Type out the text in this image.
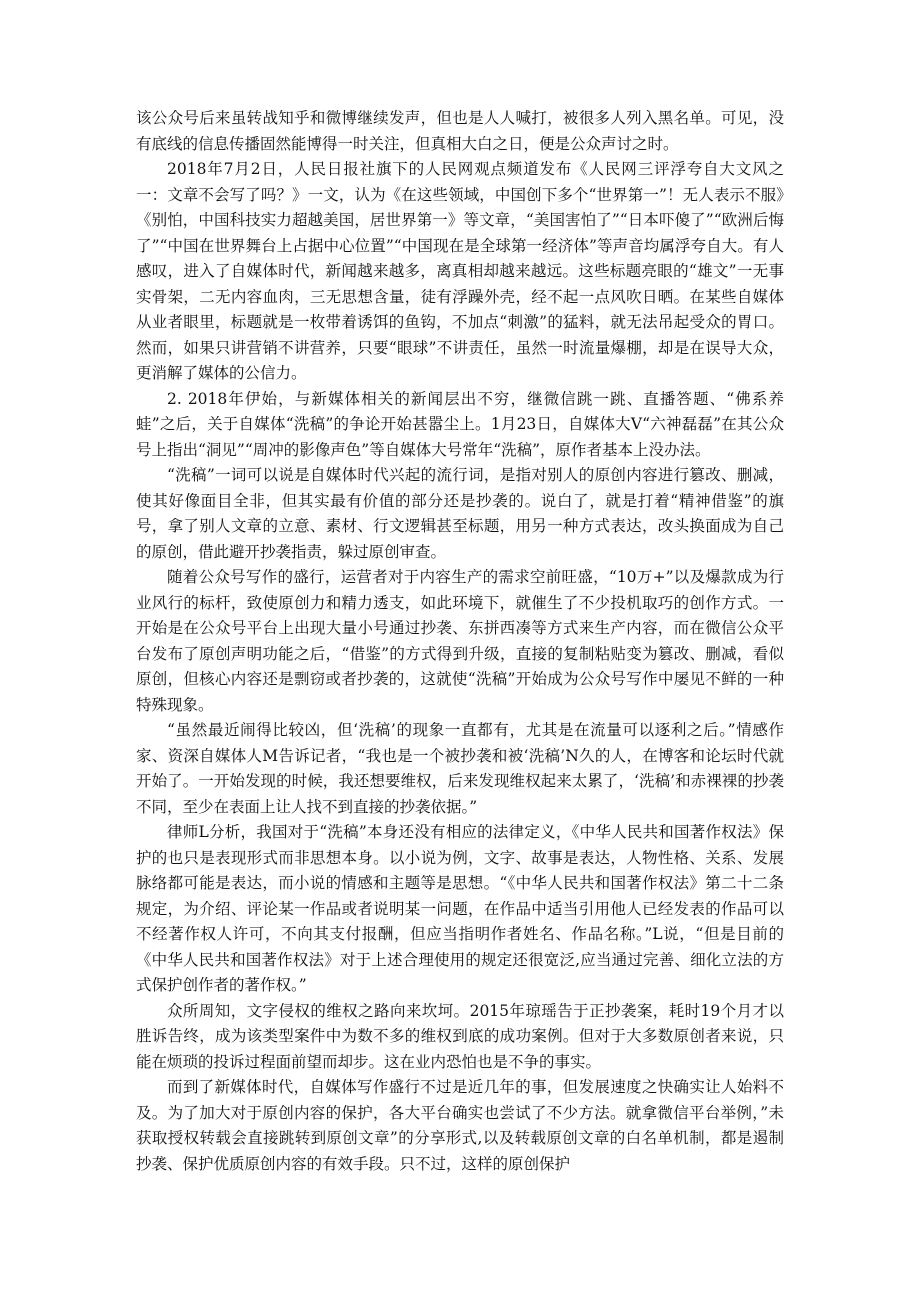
该公众号后来虽转战知乎和微博继续发声，但也是人人喊打，被很多人列入黑名单。可见，没有底线的信息传播固然能博得一时关注，但真相大白之日，便是公众声讨之时。

2018年7月2日，人民日报社旗下的人民网观点频道发布《人民网三评浮夸自大文风之一：文章不会写了吗？》一文，认为《在这些领域，中国创下多个“世界第一”！无人表示不服》《别怕，中国科技实力超越美国，居世界第一》等文章，“美国害怕了”“日本吓傻了”“欧洲后悔了”“中国在世界舞台上占据中心位置”“中国现在是全球第一经济体”等声音均属浮夸自大。有人感叹，进入了自媒体时代，新闻越来越多，离真相却越来越远。这些标题亮眼的“雄文”一无事实骨架，二无内容血肉，三无思想含量，徒有浮躁外壳，经不起一点风吹日晒。在某些自媒体从业者眼里，标题就是一枚带着诱饵的鱼钩，不加点“刺激”的猛料，就无法吊起受众的胃口。然而，如果只讲营销不讲营养，只要“眼球”不讲责任，虽然一时流量爆棚，却是在误导大众，更消解了媒体的公信力。

2. 2018年伊始，与新媒体相关的新闻层出不穷，继微信跳一跳、直播答题、“佛系养蛙”之后，关于自媒体“洗稿”的争论开始甚嚣尘上。1月23日，自媒体大V“六神磊磊”在其公众号上指出“洞见”“周冲的影像声色”等自媒体大号常年“洗稿”，原作者基本上没办法。

“洗稿”一词可以说是自媒体时代兴起的流行词，是指对别人的原创内容进行篡改、删减，使其好像面目全非，但其实最有价值的部分还是抄袭的。说白了，就是打着“精神借鉴”的旗号，拿了别人文章的立意、素材、行文逻辑甚至标题，用另一种方式表达，改头换面成为自己的原创，借此避开抄袭指责，躲过原创审查。

随着公众号写作的盛行，运营者对于内容生产的需求空前旺盛，“10万+”以及爆款成为行业风行的标杆，致使原创力和精力透支，如此环境下，就催生了不少投机取巧的创作方式。一开始是在公众号平台上出现大量小号通过抄袭、东拼西凑等方式来生产内容，而在微信公众平台发布了原创声明功能之后，“借鉴”的方式得到升级，直接的复制粘贴变为篡改、删减，看似原创，但核心内容还是剽窃或者抄袭的，这就使“洗稿”开始成为公众号写作中屡见不鲜的一种特殊现象。

“虽然最近闹得比较凶，但‘洗稿’的现象一直都有，尤其是在流量可以逐利之后。”情感作家、资深自媒体人M告诉记者，“我也是一个被抄袭和被‘洗稿’N久的人，在博客和论坛时代就开始了。一开始发现的时候，我还想要维权，后来发现维权起来太累了，‘洗稿’和赤裸裸的抄袭不同，至少在表面上让人找不到直接的抄袭依据。”

律师L分析，我国对于“洗稿”本身还没有相应的法律定义，《中华人民共和国著作权法》保护的也只是表现形式而非思想本身。以小说为例，文字、故事是表达，人物性格、关系、发展脉络都可能是表达，而小说的情感和主题等是思想。“《中华人民共和国著作权法》第二十二条规定，为介绍、评论某一作品或者说明某一问题，在作品中适当引用他人已经发表的作品可以不经著作权人许可，不向其支付报酬，但应当指明作者姓名、作品名称。”L说，“但是目前的《中华人民共和国著作权法》对于上述合理使用的规定还很宽泛,应当通过完善、细化立法的方式保护创作者的著作权。”

众所周知，文字侵权的维权之路向来坎坷。2015年琼瑶告于正抄袭案，耗时19个月才以胜诉告终，成为该类型案件中为数不多的维权到底的成功案例。但对于大多数原创者来说，只能在烦琐的投诉过程面前望而却步。这在业内恐怕也是不争的事实。

而到了新媒体时代，自媒体写作盛行不过是近几年的事，但发展速度之快确实让人始料不及。为了加大对于原创内容的保护，各大平台确实也尝试了不少方法。就拿微信平台举例，”未获取授权转载会直接跳转到原创文章”的分享形式,以及转载原创文章的白名单机制，都是遏制抄袭、保护优质原创内容的有效手段。只不过，这样的原创保护
